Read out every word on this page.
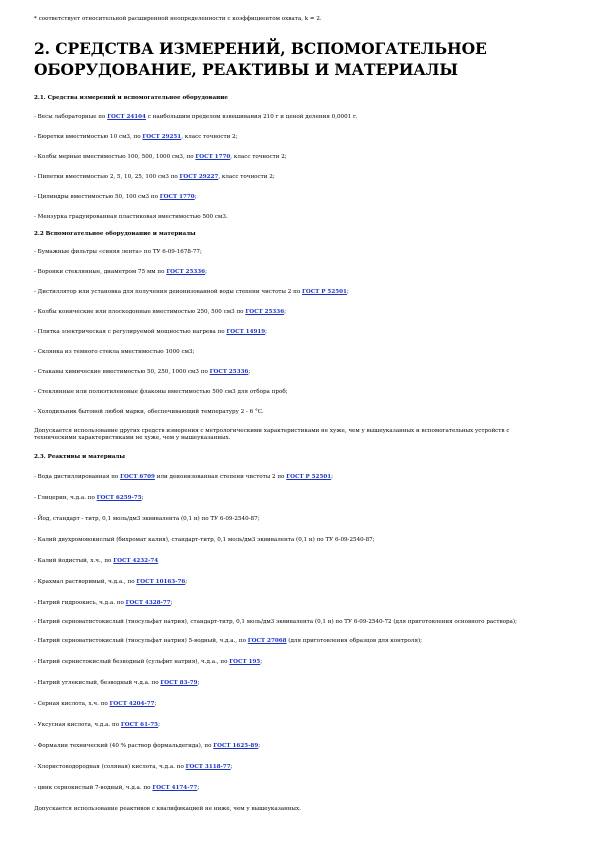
* соответствует относительной расширенной неопределенности с коэффициентом охвата, k = 2.
2. СРЕДСТВА ИЗМЕРЕНИЙ, ВСПОМОГАТЕЛЬНОЕ
ОБОРУДОВАНИЕ, РЕАКТИВЫ И МАТЕРИАЛЫ

2.1. Средства измерений и вспомогательное оборудование

- Весы лабораторные по ГОСТ 24104 с наибольшим пределом взвешивания 210 г и ценой деления 0,0001 г.

- Бюретки вместимостью 10 см3, по ГОСТ 29251, класс точности 2;

- Колбы мерные вместимостью 100, 500, 1000 см3, по ГОСТ 1770, класс точности 2;

- Пипетки вместимостью 2, 5, 10, 25, 100 см3 по ГОСТ 29227, класс точности 2;

- Цилиндры вместимостью 50, 100 см3 по ГОСТ 1770;

- Мензурка градуированная пластиковая вместимостью 500 см3.

2.2 Вспомогательное оборудование и материалы

- Бумажные фильтры «синяя лента» по ТУ 6-09-1678-77;

- Воронки стеклянные, диаметром 75 мм по ГОСТ 25336;

- Дистиллятор или установка для получения деионизованной воды степени чистоты 2 по ГОСТ Р 52501;

- Колбы конические или плоскодонные вместимостью 250, 500 см3 по ГОСТ 25336;

- Плитка электрическая с регулируемой мощностью нагрева по ГОСТ 14919;

- Склянка из темного стекла вместимостью 1000 см3;

- Стаканы химические вместимостью 50, 250, 1000 см3 по ГОСТ 25336;

- Стеклянные или полиэтиленовые флаконы вместимостью 500 см3 для отбора проб;

- Холодильник бытовой любой марки, обеспечивающий температуру 2 - 6 °C.

Допускается использование других средств измерения с метрологическими характеристиками не хуже, чем у вышеуказанных и вспомогательных устройств с техническими характеристиками не хуже, чем у вышеуказанных.

2.3. Реактивы и материалы

- Вода дистиллированная по ГОСТ 6709 или деионизованная степени чистоты 2 по ГОСТ Р 52501;

- Глицерин, ч.д.а. по ГОСТ 6259-75;

- Йод, стандарт - титр, 0,1 моль/дм3 эквивалента (0,1 н) по ТУ 6-09-2540-87;

- Калий двухромовокислый (бихромат калия), стандарт-титр, 0,1 моль/дм3 эквивалента (0,1 н) по ТУ 6-09-2540-87;

- Калий йодистый, х.ч., по ГОСТ 4232-74

- Крахмал растворимый, ч.д.а., по ГОСТ 10163-76;

- Натрий гидроокись, ч.д.а. по ГОСТ 4328-77;

- Натрий серноватистокислый (тиосульфат натрия), стандарт-титр, 0,1 моль/дм3 эквивалента (0,1 н) по ТУ 6-09-2540-72 (для приготовления основного раствора);

- Натрий серноватистокислый (тиосульфат натрия) 5-водный, ч.д.а., по ГОСТ 27068 (для приготовления образцов для контроля);

- Натрий сернистокислый безводный (сульфит натрия), ч.д.а., по ГОСТ 195;

- Натрий углекислый, безводный ч.д.а. по ГОСТ 83-79;

- Серная кислота, х.ч. по ГОСТ 4204-77;

- Уксусная кислота, ч.д.а. по ГОСТ 61-75;

- Формалин технический (40 % раствор формальдегида), по ГОСТ 1625-89;

- Хлористоводородная (соляная) кислота, ч.д.а. по ГОСТ 3118-77;

- цинк сернокислый 7-водный, ч.д.а. по ГОСТ 4174-77;

Допускается использование реактивов с квалификацией не ниже, чем у вышеуказанных.
